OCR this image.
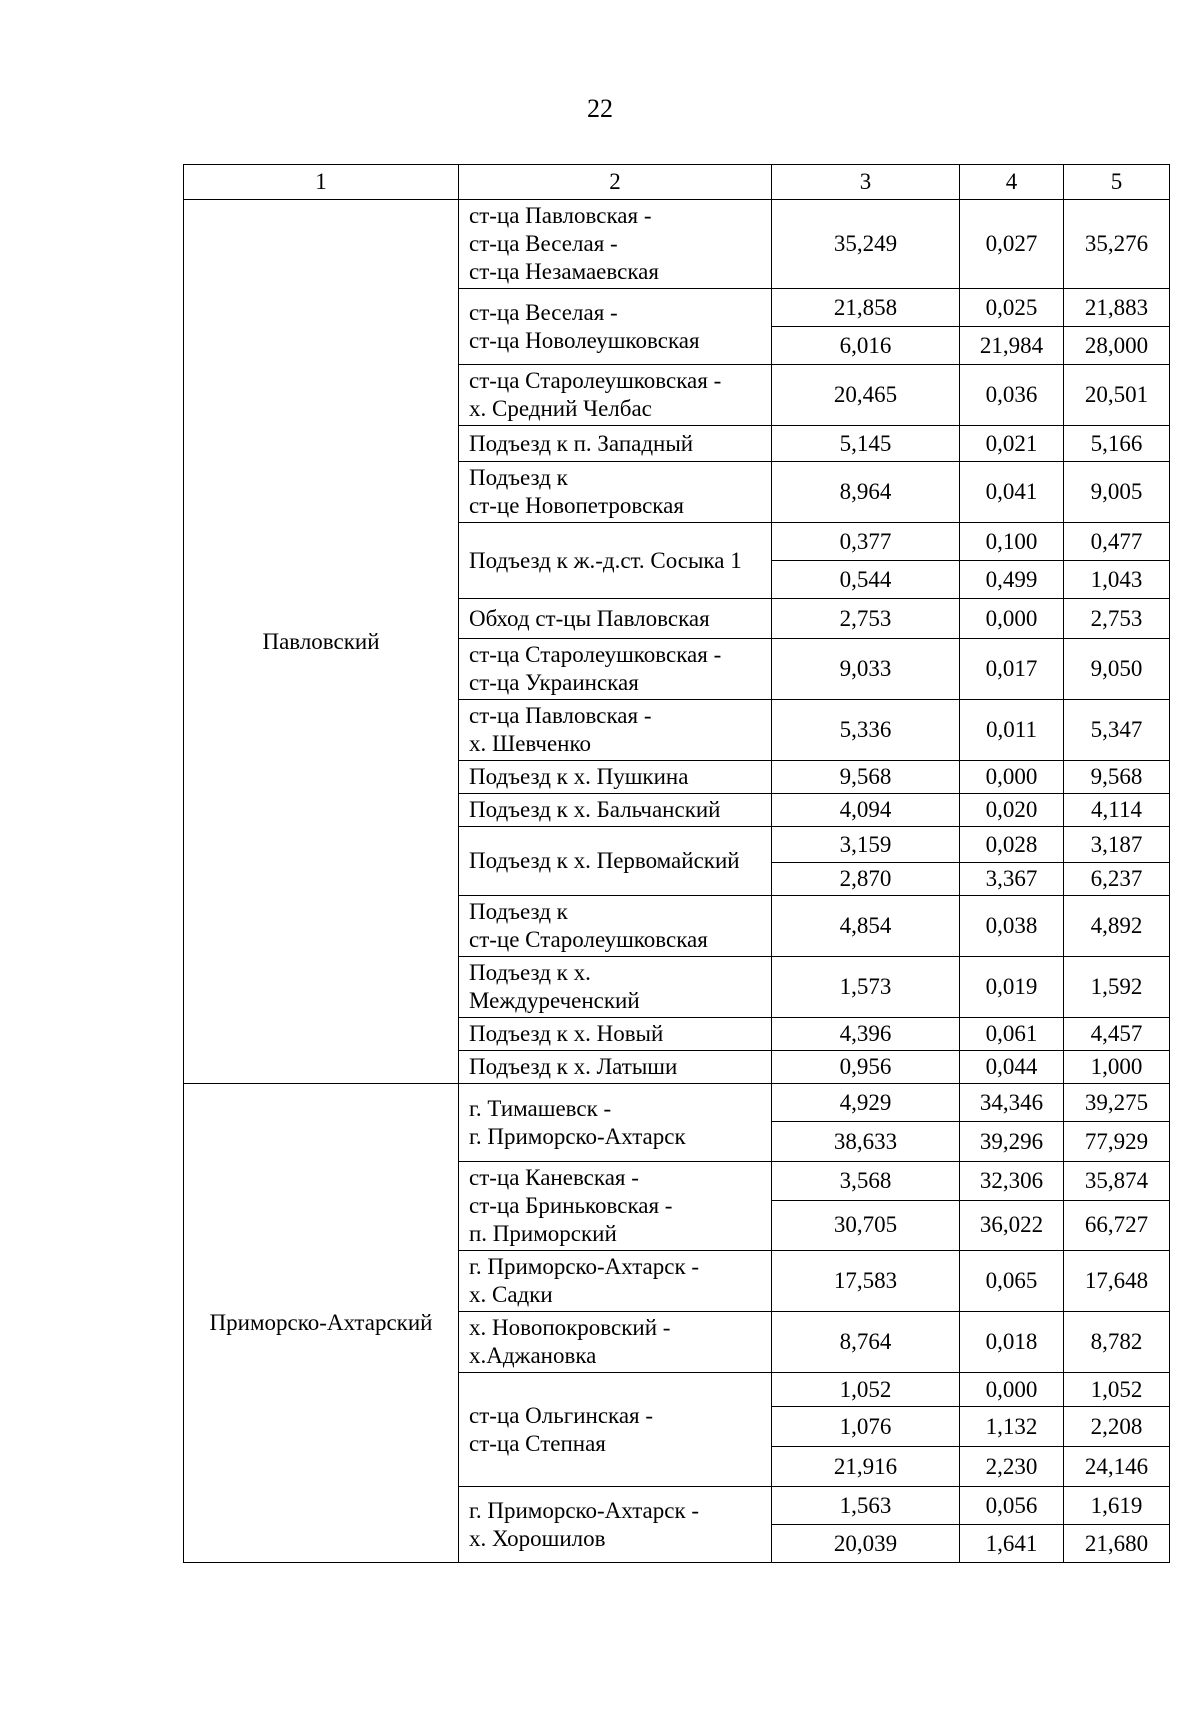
22
1	2	3	4	5
Павловский	ст-ца Павловская -
ст-ца Веселая -
ст-ца Незамаевская	35,249	0,027	35,276
	ст-ца Веселая -
ст-ца Новолеушковская	21,858	0,025	21,883
		6,016	21,984	28,000
	ст-ца Старолеушковская -
х. Средний Челбас	20,465	0,036	20,501
	Подъезд к п. Западный	5,145	0,021	5,166
	Подъезд к
ст-це Новопетровская	8,964	0,041	9,005
	Подъезд к ж.-д.ст. Сосыка 1	0,377	0,100	0,477
		0,544	0,499	1,043
	Обход ст-цы Павловская	2,753	0,000	2,753
	ст-ца Старолеушковская -
ст-ца Украинская	9,033	0,017	9,050
	ст-ца Павловская -
х. Шевченко	5,336	0,011	5,347
	Подъезд к х. Пушкина	9,568	0,000	9,568
	Подъезд к х. Бальчанский	4,094	0,020	4,114
	Подъезд к х. Первомайский	3,159	0,028	3,187
		2,870	3,367	6,237
	Подъезд к
ст-це Старолеушковская	4,854	0,038	4,892
	Подъезд к х.
Междуреченский	1,573	0,019	1,592
	Подъезд к х. Новый	4,396	0,061	4,457
	Подъезд к х. Латыши	0,956	0,044	1,000
Приморско-Ахтарский	г. Тимашевск -
г. Приморско-Ахтарск	4,929	34,346	39,275
		38,633	39,296	77,929
	ст-ца Каневская -
ст-ца Бриньковская -
п. Приморский	3,568	32,306	35,874
		30,705	36,022	66,727
	г. Приморско-Ахтарск -
х. Садки	17,583	0,065	17,648
	х. Новопокровский -
х.Аджановка	8,764	0,018	8,782
	ст-ца Ольгинская -
ст-ца Степная	1,052	0,000	1,052
		1,076	1,132	2,208
		21,916	2,230	24,146
	г. Приморско-Ахтарск -
х. Хорошилов	1,563	0,056	1,619
		20,039	1,641	21,680
